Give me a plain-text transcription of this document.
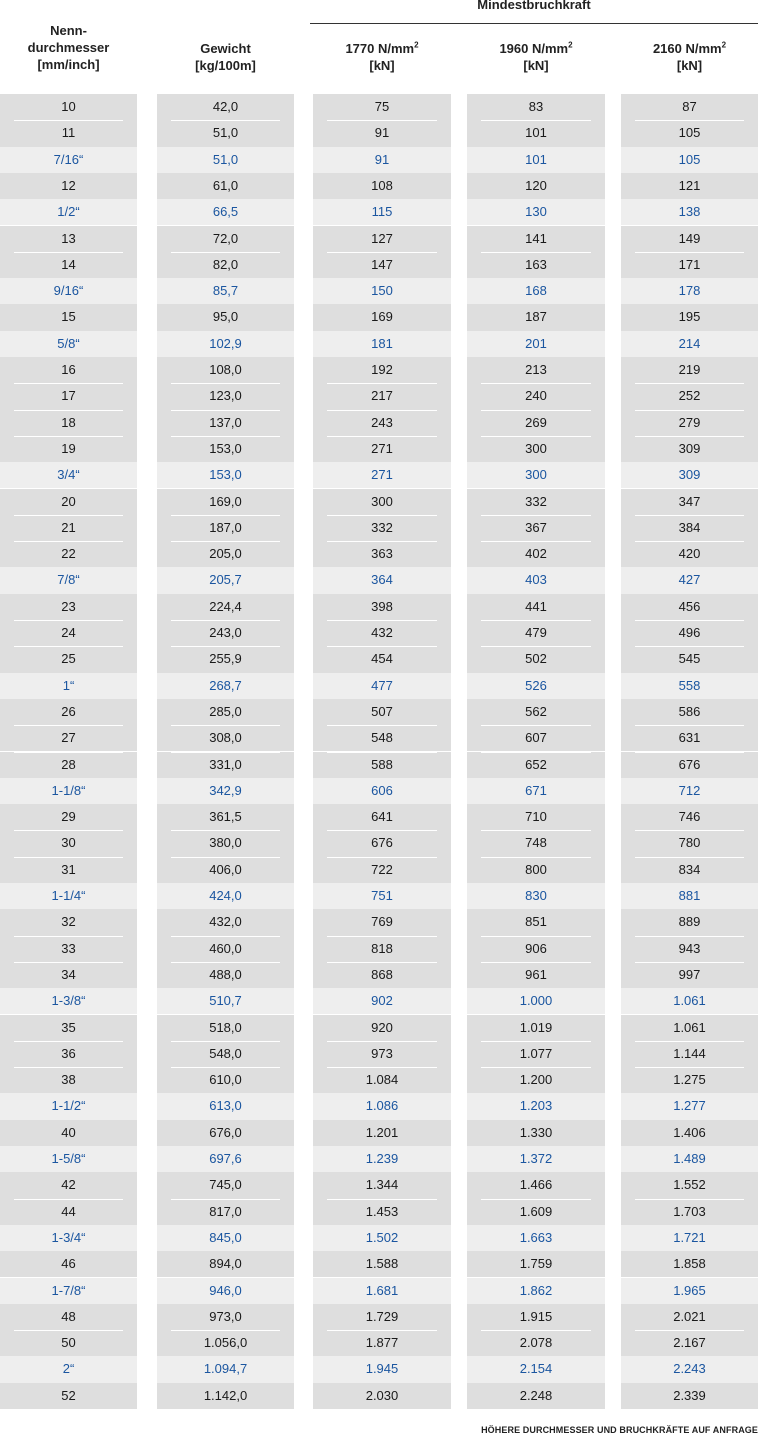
Nenn-
durchmesser
[mm/inch]
Gewicht
[kg/100m]
Mindestbruchkraft
1770 $N/mm^2$
[kN]
1960 $N/mm^2$
[kN]
2160 $N/mm^2$
[kN]
10
11
7/16“
12
1/2“
13
14
9/16“
15
5/8“
16
17
18
19
3/4“
20
21
22
7/8“
23
24
25
1“
26
27
28
1-1/8“
29
30
31
1-1/4“
32
33
34
1-3/8“
35
36
38
1-1/2“
40
1-5/8“
42
44
1-3/4“
46
1-7/8“
48
50
2“
52
42,0
51,0
51,0
61,0
66,5
72,0
82,0
85,7
95,0
102,9
108,0
123,0
137,0
153,0
153,0
169,0
187,0
205,0
205,7
224,4
243,0
255,9
268,7
285,0
308,0
331,0
342,9
361,5
380,0
406,0
424,0
432,0
460,0
488,0
510,7
518,0
548,0
610,0
613,0
676,0
697,6
745,0
817,0
845,0
894,0
946,0
973,0
1.056,0
1.094,7
1.142,0
75
91
91
108
115
127
147
150
169
181
192
217
243
271
271
300
332
363
364
398
432
454
477
507
548
588
606
641
676
722
751
769
818
868
902
920
973
1.084
1.086
1.201
1.239
1.344
1.453
1.502
1.588
1.681
1.729
1.877
1.945
2.030
83
101
101
120
130
141
163
168
187
201
213
240
269
300
300
332
367
402
403
441
479
502
526
562
607
652
671
710
748
800
830
851
906
961
1.000
1.019
1.077
1.200
1.203
1.330
1.372
1.466
1.609
1.663
1.759
1.862
1.915
2.078
2.154
2.248
87
105
105
121
138
149
171
178
195
214
219
252
279
309
309
347
384
420
427
456
496
545
558
586
631
676
712
746
780
834
881
889
943
997
1.061
1.061
1.144
1.275
1.277
1.406
1.489
1.552
1.703
1.721
1.858
1.965
2.021
2.167
2.243
2.339
HÖHERE DURCHMESSER UND BRUCHKRÄFTE AUF ANFRAGE
